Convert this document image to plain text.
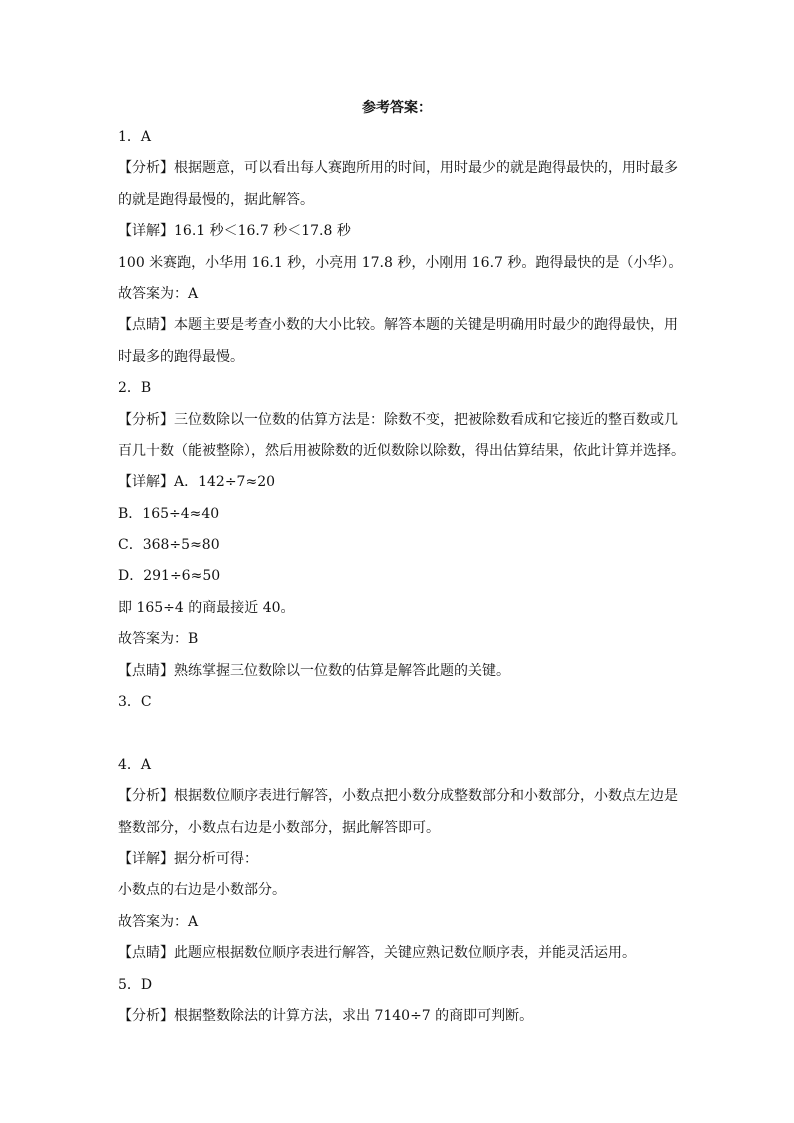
参考答案：
1．A
【分析】根据题意，可以看出每人赛跑所用的时间，用时最少的就是跑得最快的，用时最多
的就是跑得最慢的，据此解答。
【详解】16.1 秒＜16.7 秒＜17.8 秒
100 米赛跑，小华用 16.1 秒，小亮用 17.8 秒，小刚用 16.7 秒。跑得最快的是（小华）。
故答案为：A
【点睛】本题主要是考查小数的大小比较。解答本题的关键是明确用时最少的跑得最快，用
时最多的跑得最慢。
2．B
【分析】三位数除以一位数的估算方法是：除数不变，把被除数看成和它接近的整百数或几
百几十数（能被整除），然后用被除数的近似数除以除数，得出估算结果，依此计算并选择。
【详解】A．142÷7≈20
B．165÷4≈40
C．368÷5≈80
D．291÷6≈50
即 165÷4 的商最接近 40。
故答案为：B
【点睛】熟练掌握三位数除以一位数的估算是解答此题的关键。
3．C
4．A
【分析】根据数位顺序表进行解答，小数点把小数分成整数部分和小数部分，小数点左边是
整数部分，小数点右边是小数部分，据此解答即可。
【详解】据分析可得：
小数点的右边是小数部分。
故答案为：A
【点睛】此题应根据数位顺序表进行解答，关键应熟记数位顺序表，并能灵活运用。
5．D
【分析】根据整数除法的计算方法，求出 7140÷7 的商即可判断。
